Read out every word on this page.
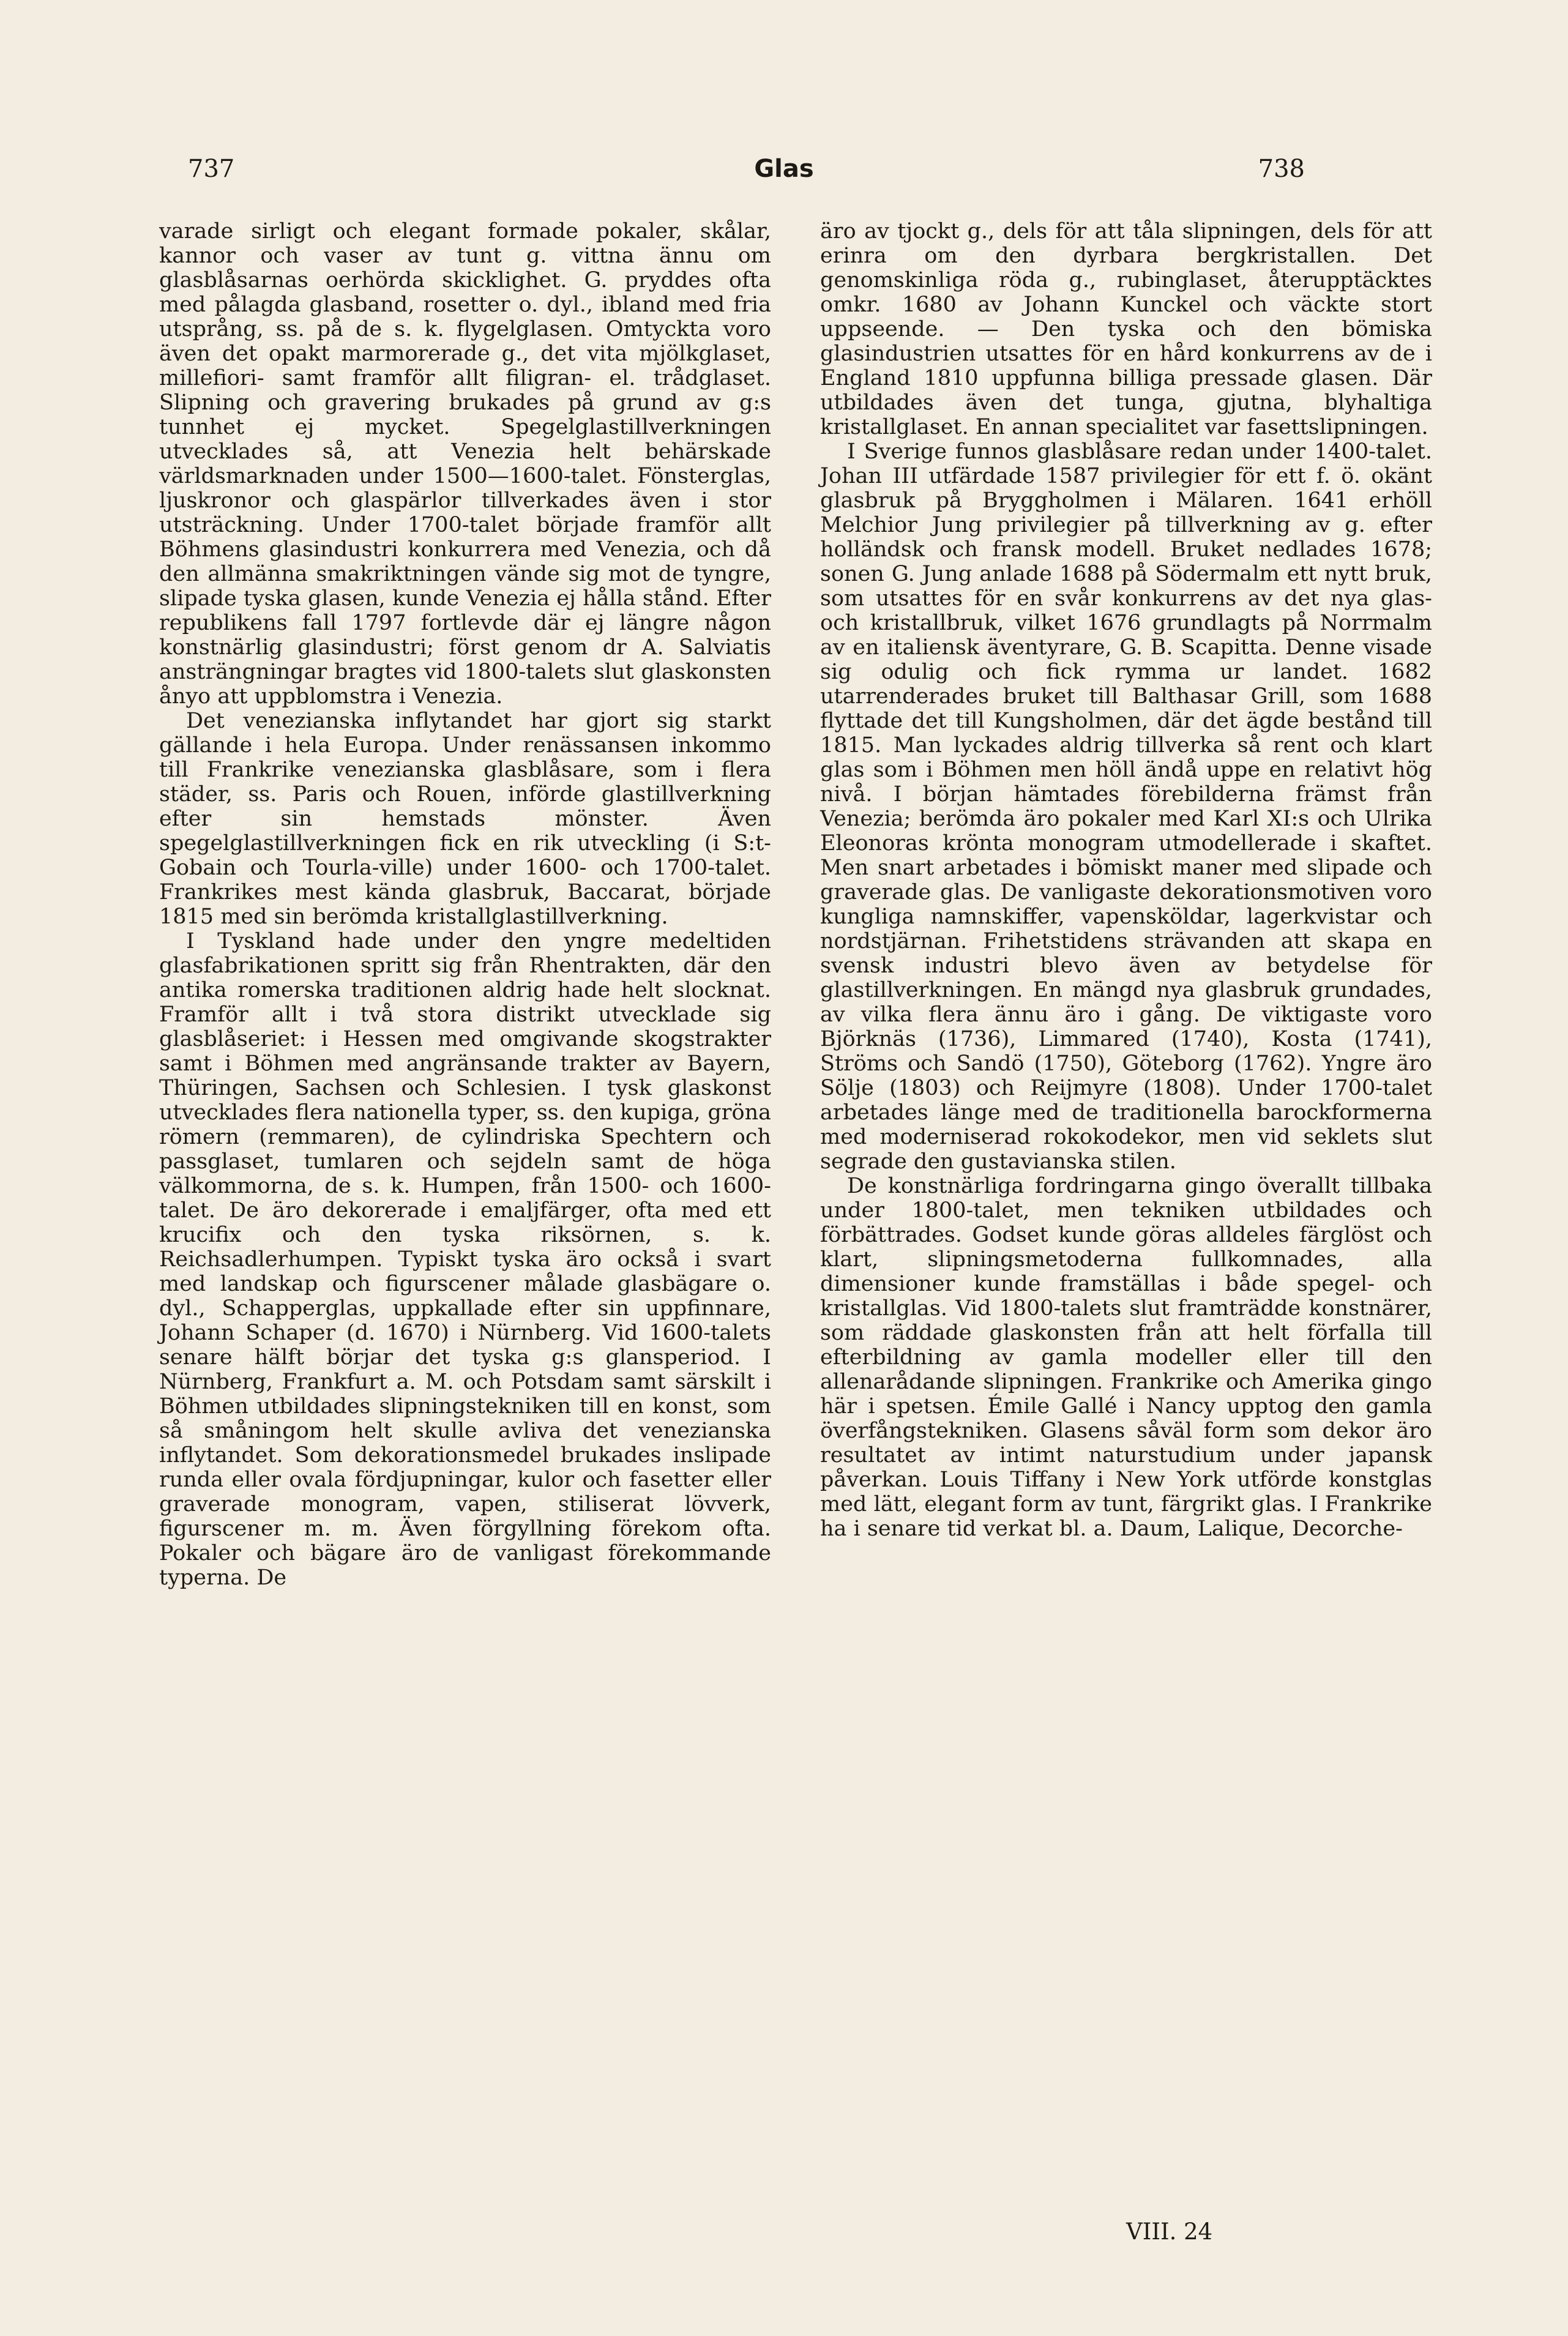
737	Glas	738

varade sirligt och elegant formade pokaler, skålar, kannor och vaser av tunt g. vittna ännu om glasblåsarnas oerhörda skicklighet. G. pryddes ofta med pålagda glasband, rosetter o. dyl., ibland med fria utsprång, ss. på de s. k. flygelglasen. Omtyckta voro även det opakt marmorerade g., det vita mjölkglaset, millefiori- samt framför allt filigran- el. trådglaset. Slipning och gravering brukades på grund av g:s tunnhet ej mycket. Spegelglastillverkningen utvecklades så, att Venezia helt behärskade världsmarknaden under 1500—1600-talet. Fönsterglas, ljuskronor och glaspärlor tillverkades även i stor utsträckning. Under 1700-talet började framför allt Böhmens glasindustri konkurrera med Venezia, och då den allmänna smakriktningen vände sig mot de tyngre, slipade tyska glasen, kunde Venezia ej hålla stånd. Efter republikens fall 1797 fortlevde där ej längre någon konstnärlig glasindustri; först genom dr A. Salviatis ansträngningar bragtes vid 1800-talets slut glaskonsten ånyo att uppblomstra i Venezia.

Det venezianska inflytandet har gjort sig starkt gällande i hela Europa. Under renässansen inkommo till Frankrike venezianska glasblåsare, som i flera städer, ss. Paris och Rouen, införde glastillverkning efter sin hemstads mönster. Även spegelglastillverkningen fick en rik utveckling (i S:t-Gobain och Tourla-ville) under 1600- och 1700-talet. Frankrikes mest kända glasbruk, Baccarat, började 1815 med sin berömda kristallglastillverkning.

I Tyskland hade under den yngre medeltiden glasfabrikationen spritt sig från Rhentrakten, där den antika romerska traditionen aldrig hade helt slocknat. Framför allt i två stora distrikt utvecklade sig glasblåseriet: i Hessen med omgivande skogstrakter samt i Böhmen med angränsande trakter av Bayern, Thüringen, Sachsen och Schlesien. I tysk glaskonst utvecklades flera nationella typer, ss. den kupiga, gröna römern (remmaren), de cylindriska Spechtern och passglaset, tumlaren och sejdeln samt de höga välkommorna, de s. k. Humpen, från 1500- och 1600-talet. De äro dekorerade i emaljfärger, ofta med ett krucifix och den tyska riksörnen, s. k. Reichsadlerhumpen. Typiskt tyska äro också i svart med landskap och figurscener målade glasbägare o. dyl., Schapperglas, uppkallade efter sin uppfinnare, Johann Schaper (d. 1670) i Nürnberg. Vid 1600-talets senare hälft börjar det tyska g:s glansperiod. I Nürnberg, Frankfurt a. M. och Potsdam samt särskilt i Böhmen utbildades slipningstekniken till en konst, som så småningom helt skulle avliva det venezianska inflytandet. Som dekorationsmedel brukades inslipade runda eller ovala fördjupningar, kulor och fasetter eller graverade monogram, vapen, stiliserat lövverk, figurscener m. m. Även förgyllning förekom ofta. Pokaler och bägare äro de vanligast förekommande typerna. De

äro av tjockt g., dels för att tåla slipningen, dels för att erinra om den dyrbara bergkristallen. Det genomskinliga röda g., rubinglaset, återupptäcktes omkr. 1680 av Johann Kunckel och väckte stort uppseende. — Den tyska och den bömiska glasindustrien utsattes för en hård konkurrens av de i England 1810 uppfunna billiga pressade glasen. Där utbildades även det tunga, gjutna, blyhaltiga kristallglaset. En annan specialitet var fasettslipningen.

I Sverige funnos glasblåsare redan under 1400-talet. Johan III utfärdade 1587 privilegier för ett f. ö. okänt glasbruk på Bryggholmen i Mälaren. 1641 erhöll Melchior Jung privilegier på tillverkning av g. efter holländsk och fransk modell. Bruket nedlades 1678; sonen G. Jung anlade 1688 på Södermalm ett nytt bruk, som utsattes för en svår konkurrens av det nya glas- och kristallbruk, vilket 1676 grundlagts på Norrmalm av en italiensk äventyrare, G. B. Scapitta. Denne visade sig odulig och fick rymma ur landet. 1682 utarrenderades bruket till Balthasar Grill, som 1688 flyttade det till Kungsholmen, där det ägde bestånd till 1815. Man lyckades aldrig tillverka så rent och klart glas som i Böhmen men höll ändå uppe en relativt hög nivå. I början hämtades förebilderna främst från Venezia; berömda äro pokaler med Karl XI:s och Ulrika Eleonoras krönta monogram utmodellerade i skaftet. Men snart arbetades i bömiskt maner med slipade och graverade glas. De vanligaste dekorationsmotiven voro kungliga namnskiffer, vapensköldar, lagerkvistar och nordstjärnan. Frihetstidens strävanden att skapa en svensk industri blevo även av betydelse för glastillverkningen. En mängd nya glasbruk grundades, av vilka flera ännu äro i gång. De viktigaste voro Björknäs (1736), Limmared (1740), Kosta (1741), Ströms och Sandö (1750), Göteborg (1762). Yngre äro Sölje (1803) och Reijmyre (1808). Under 1700-talet arbetades länge med de traditionella barockformerna med moderniserad rokokodekor, men vid seklets slut segrade den gustavianska stilen.

De konstnärliga fordringarna gingo överallt tillbaka under 1800-talet, men tekniken utbildades och förbättrades. Godset kunde göras alldeles färglöst och klart, slipningsmetoderna fullkomnades, alla dimensioner kunde framställas i både spegel- och kristallglas. Vid 1800-talets slut framträdde konstnärer, som räddade glaskonsten från att helt förfalla till efterbildning av gamla modeller eller till den allenarådande slipningen. Frankrike och Amerika gingo här i spetsen. Émile Gallé i Nancy upptog den gamla överfångstekniken. Glasens såväl form som dekor äro resultatet av intimt naturstudium under japansk påverkan. Louis Tiffany i New York utförde konstglas med lätt, elegant form av tunt, färgrikt glas. I Frankrike ha i senare tid verkat bl. a. Daum, Lalique, Decorche-

VIII. 24
